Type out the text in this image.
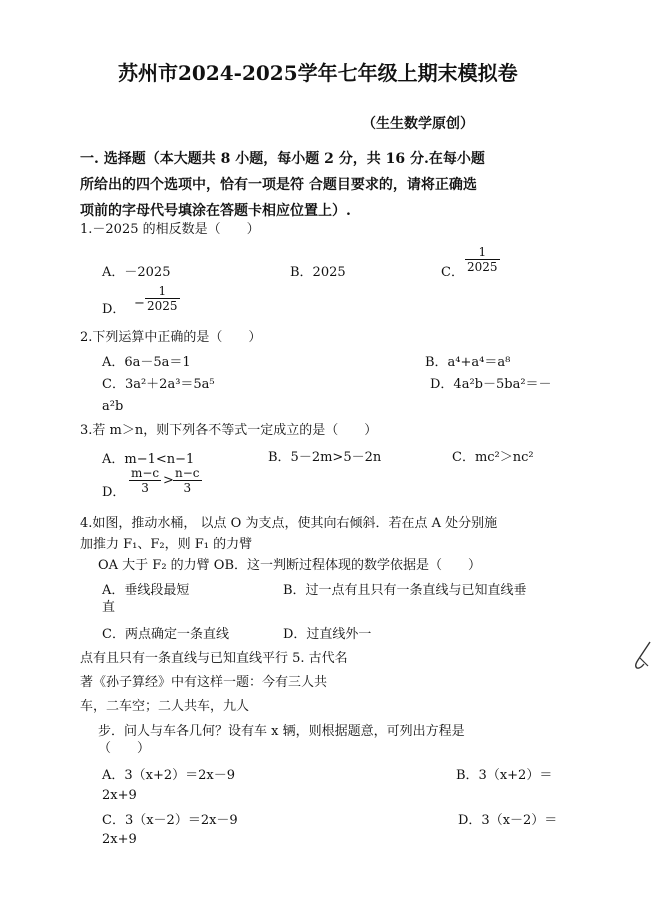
苏州市2024-2025学年七年级上期末模拟卷
（生生数学原创）
一. 选择题（本大题共 8 小题，每小题 2 分，共 16 分.在每小题
所给出的四个选项中，恰有一项是符 合题目要求的，请将正确选
项前的字母代号填涂在答题卡相应位置上）.
1.－2025 的相反数是（　　）
A．－2025	B．2025	C． $\frac{1}{2025}$
D． − $\frac{1}{2025}$
2.下列运算中正确的是（　　）
A．6a－5a＝1	B．a⁴+a⁴＝a⁸
C．3a²＋2a³＝5a⁵	D．4a²b－5ba²＝－
a²b
3.若 m＞n，则下列各不等式一定成立的是（　　）
A．m−1<n−1	B．5－2m>5－2n	C．mc²＞nc²
D． $\frac{m-c}{3} > \frac{n-c}{3}$
4.如图，推动水桶， 以点 O 为支点，使其向右倾斜．若在点 A 处分别施
加推力 F₁、F₂，则 F₁ 的力臂
OA 大于 F₂ 的力臂 OB．这一判断过程体现的数学依据是（　　）
A．垂线段最短	B．过一点有且只有一条直线与已知直线垂
直
C．两点确定一条直线	D．过直线外一
点有且只有一条直线与已知直线平行 5. 古代名
著《孙子算经》中有这样一题：今有三人共
车，二车空；二人共车，九人
步．问人与车各几何？设有车 x 辆，则根据题意，可列出方程是
（　　）
A．3（x+2）＝2x－9	B．3（x+2）＝
2x+9
C．3（x－2）＝2x－9	D．3（x－2）＝
2x+9
